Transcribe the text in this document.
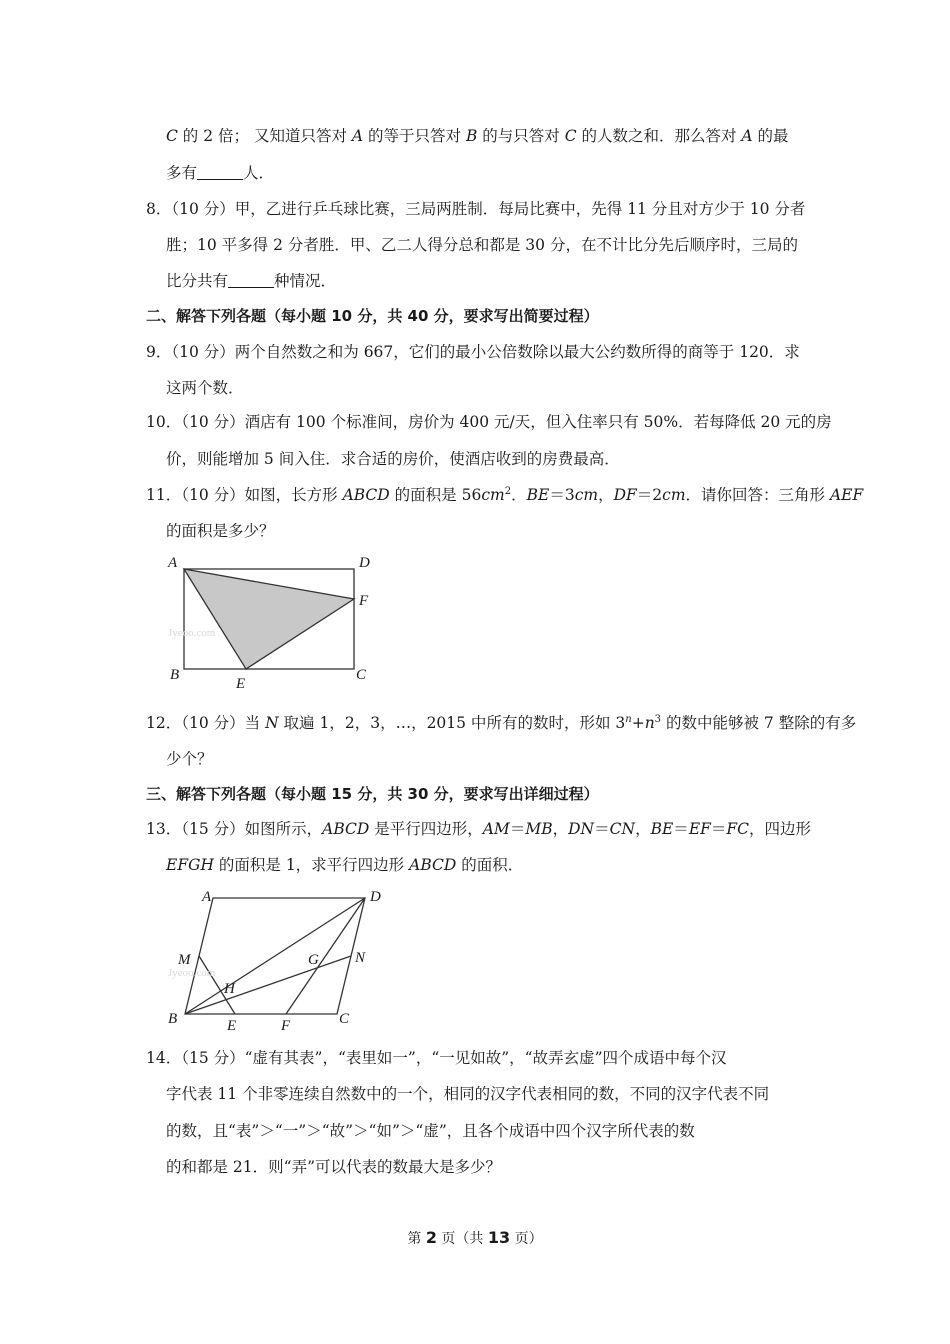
C 的 2 倍； 又知道只答对 A 的等于只答对 B 的与只答对 C 的人数之和．那么答对 A 的最
多有	人．
8．（10 分）甲，乙进行乒乓球比赛，三局两胜制．每局比赛中，先得 11 分且对方少于 10 分者
胜；10 平多得 2 分者胜．甲、乙二人得分总和都是 30 分，在不计比分先后顺序时，三局的
比分共有	种情况．
二、解答下列各题（每小题 10 分，共 40 分，要求写出简要过程）
9．（10 分）两个自然数之和为 667，它们的最小公倍数除以最大公约数所得的商等于 120．求
这两个数．
10．（10 分）酒店有 100 个标准间，房价为 400 元/天，但入住率只有 50%．若每降低 20 元的房
价，则能增加 5 间入住．求合适的房价，使酒店收到的房费最高．
11．（10 分）如图，长方形 ABCD 的面积是 $56cm^2$．BE＝3cm，DF＝2cm．请你回答：三角形 AEF
的面积是多少？
Jyeoo.com
A	D
F
B	C
E
12．（10 分）当 N 取遍 1，2，3，…，2015 中所有的数时，形如 $3^n+n^3$ 的数中能够被 7 整除的有多
少个？
三、解答下列各题（每小题 15 分，共 30 分，要求写出详细过程）
13．（15 分）如图所示，ABCD 是平行四边形，AM＝MB，DN＝CN，BE＝EF＝FC，四边形
EFGH 的面积是 1，求平行四边形 ABCD 的面积．
Jyeoo.com
A	D
M	G N
H
B	E	F	C
14．（15 分）“虚有其表”，“表里如一”，“一见如故”，“故弄玄虚”四个成语中每个汉
字代表 11 个非零连续自然数中的一个，相同的汉字代表相同的数，不同的汉字代表不同
的数，且“表”＞“一”＞“故”＞“如”＞“虚”，且各个成语中四个汉字所代表的数
的和都是 21．则“弄”可以代表的数最大是多少？
第 2 页（共 13 页）
